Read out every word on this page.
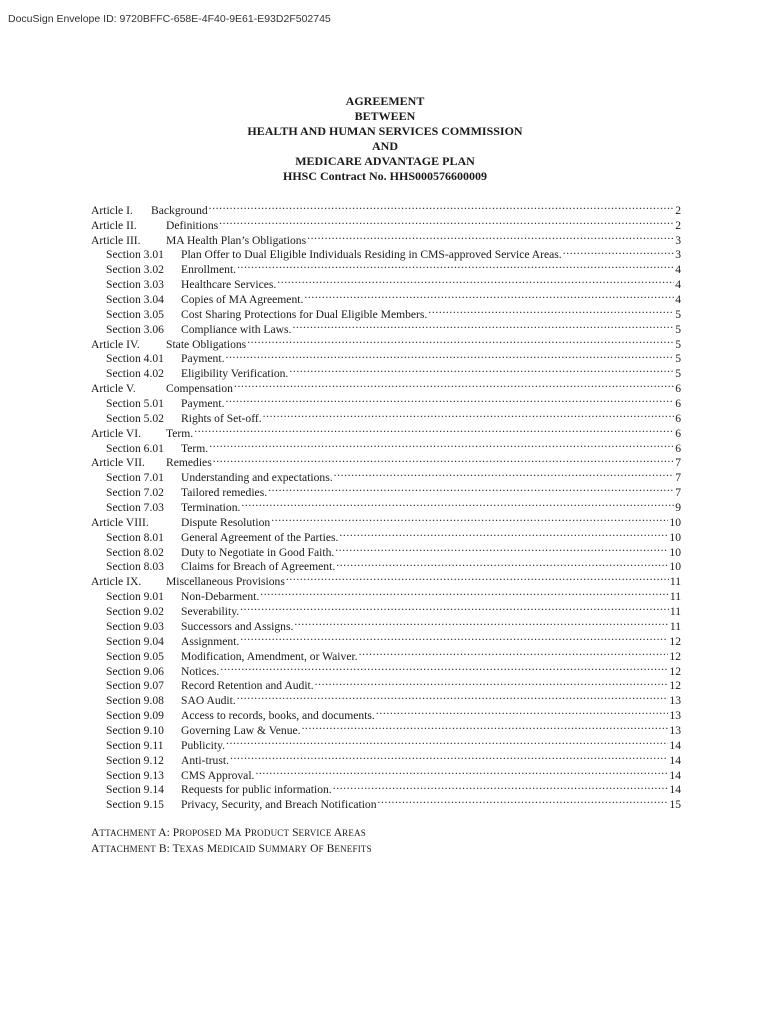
DocuSign Envelope ID: 9720BFFC-658E-4F40-9E61-E93D2F502745
AGREEMENT
BETWEEN
HEALTH AND HUMAN SERVICES COMMISSION
AND
MEDICARE ADVANTAGE PLAN
HHSC Contract No. HHS000576600009
Article I.	Background .....	2
Article II.	Definitions .....	2
Article III.	MA Health Plan’s Obligations .....	3
Section 3.01	Plan Offer to Dual Eligible Individuals Residing in CMS-approved Service Areas. .....	3
Section 3.02	Enrollment. .....	4
Section 3.03	Healthcare Services. .....	4
Section 3.04	Copies of MA Agreement. .....	4
Section 3.05	Cost Sharing Protections for Dual Eligible Members. .....	5
Section 3.06	Compliance with Laws. .....	5
Article IV.	State Obligations .....	5
Section 4.01	Payment. .....	5
Section 4.02	Eligibility Verification. .....	5
Article V.	Compensation .....	6
Section 5.01	Payment. .....	6
Section 5.02	Rights of Set-off. .....	6
Article VI.	Term. .....	6
Section 6.01	Term. .....	6
Article VII.	Remedies .....	7
Section 7.01	Understanding and expectations. .....	7
Section 7.02	Tailored remedies. .....	7
Section 7.03	Termination. .....	9
Article VIII.	Dispute Resolution .....	10
Section 8.01	General Agreement of the Parties. .....	10
Section 8.02	Duty to Negotiate in Good Faith. .....	10
Section 8.03	Claims for Breach of Agreement. .....	10
Article IX.	Miscellaneous Provisions .....	11
Section 9.01	Non-Debarment. .....	11
Section 9.02	Severability. .....	11
Section 9.03	Successors and Assigns. .....	11
Section 9.04	Assignment. .....	12
Section 9.05	Modification, Amendment, or Waiver. .....	12
Section 9.06	Notices. .....	12
Section 9.07	Record Retention and Audit. .....	12
Section 9.08	SAO Audit. .....	13
Section 9.09	Access to records, books, and documents. .....	13
Section 9.10	Governing Law & Venue. .....	13
Section 9.11	Publicity. .....	14
Section 9.12	Anti-trust. .....	14
Section 9.13	CMS Approval. .....	14
Section 9.14	Requests for public information. .....	14
Section 9.15	Privacy, Security, and Breach Notification .....	15
ATTACHMENT A: PROPOSED MA PRODUCT SERVICE AREAS
ATTACHMENT B: TEXAS MEDICAID SUMMARY OF BENEFITS
